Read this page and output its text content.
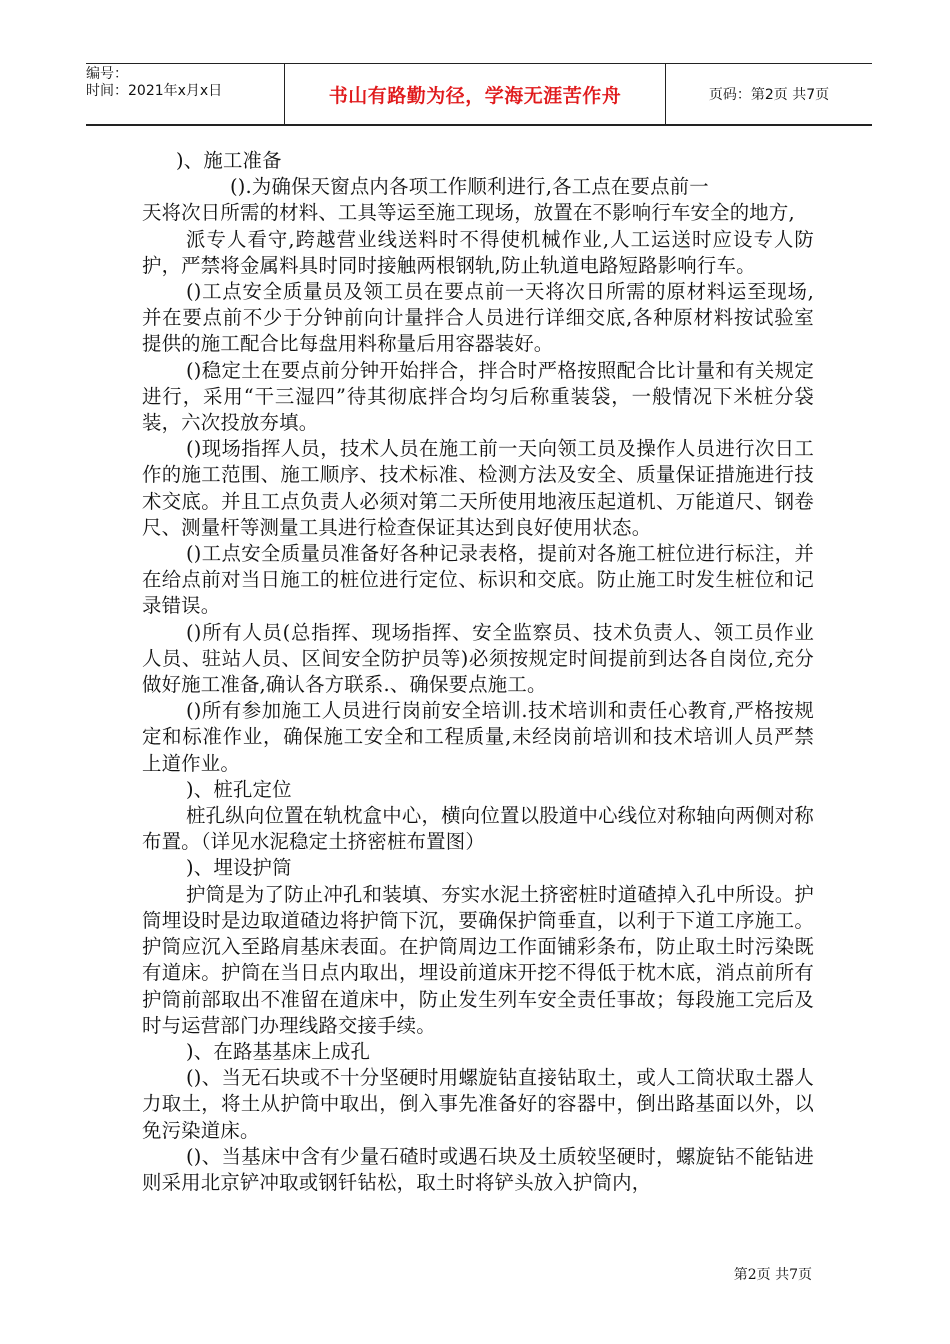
编号：
时间：2021年x月x日	书山有路勤为径，学海无涯苦作舟	页码：第2页 共7页

)、施工准备

().为确保天窗点内各项工作顺利进行,各工点在要点前一

天将次日所需的材料、工具等运至施工现场，放置在不影响行车安全的地方,

派专人看守,跨越营业线送料时不得使机械作业,人工运送时应设专人防护，严禁将金属料具时同时接触两根钢轨,防止轨道电路短路影响行车。

()工点安全质量员及领工员在要点前一天将次日所需的原材料运至现场,并在要点前不少于分钟前向计量拌合人员进行详细交底,各种原材料按试验室提供的施工配合比每盘用料称量后用容器装好。

()稳定土在要点前分钟开始拌合，拌合时严格按照配合比计量和有关规定进行，采用“干三湿四”待其彻底拌合均匀后称重装袋，一般情况下米桩分袋装，六次投放夯填。

()现场指挥人员，技术人员在施工前一天向领工员及操作人员进行次日工作的施工范围、施工顺序、技术标准、检测方法及安全、质量保证措施进行技术交底。并且工点负责人必须对第二天所使用地液压起道机、万能道尺、钢卷尺、测量杆等测量工具进行检查保证其达到良好使用状态。

()工点安全质量员准备好各种记录表格，提前对各施工桩位进行标注，并在给点前对当日施工的桩位进行定位、标识和交底。防止施工时发生桩位和记录错误。

()所有人员(总指挥、现场指挥、安全监察员、技术负责人、领工员作业人员、驻站人员、区间安全防护员等)必须按规定时间提前到达各自岗位,充分做好施工准备,确认各方联系.、确保要点施工。

()所有参加施工人员进行岗前安全培训.技术培训和责任心教育,严格按规定和标准作业，确保施工安全和工程质量,未经岗前培训和技术培训人员严禁上道作业。

)、桩孔定位

桩孔纵向位置在轨枕盒中心，横向位置以股道中心线位对称轴向两侧对称布置。（详见水泥稳定土挤密桩布置图）

)、埋设护筒

护筒是为了防止冲孔和装填、夯实水泥土挤密桩时道碴掉入孔中所设。护筒埋设时是边取道碴边将护筒下沉，要确保护筒垂直，以利于下道工序施工。护筒应沉入至路肩基床表面。在护筒周边工作面铺彩条布，防止取土时污染既有道床。护筒在当日点内取出，埋设前道床开挖不得低于枕木底，消点前所有护筒前部取出不准留在道床中，防止发生列车安全责任事故；每段施工完后及时与运营部门办理线路交接手续。

)、在路基基床上成孔

()、当无石块或不十分坚硬时用螺旋钻直接钻取土，或人工筒状取土器人力取土，将土从护筒中取出，倒入事先准备好的容器中，倒出路基面以外，以免污染道床。

()、当基床中含有少量石碴时或遇石块及土质较坚硬时，螺旋钻不能钻进则采用北京铲冲取或钢钎钻松，取土时将铲头放入护筒内，

第2页 共7页
